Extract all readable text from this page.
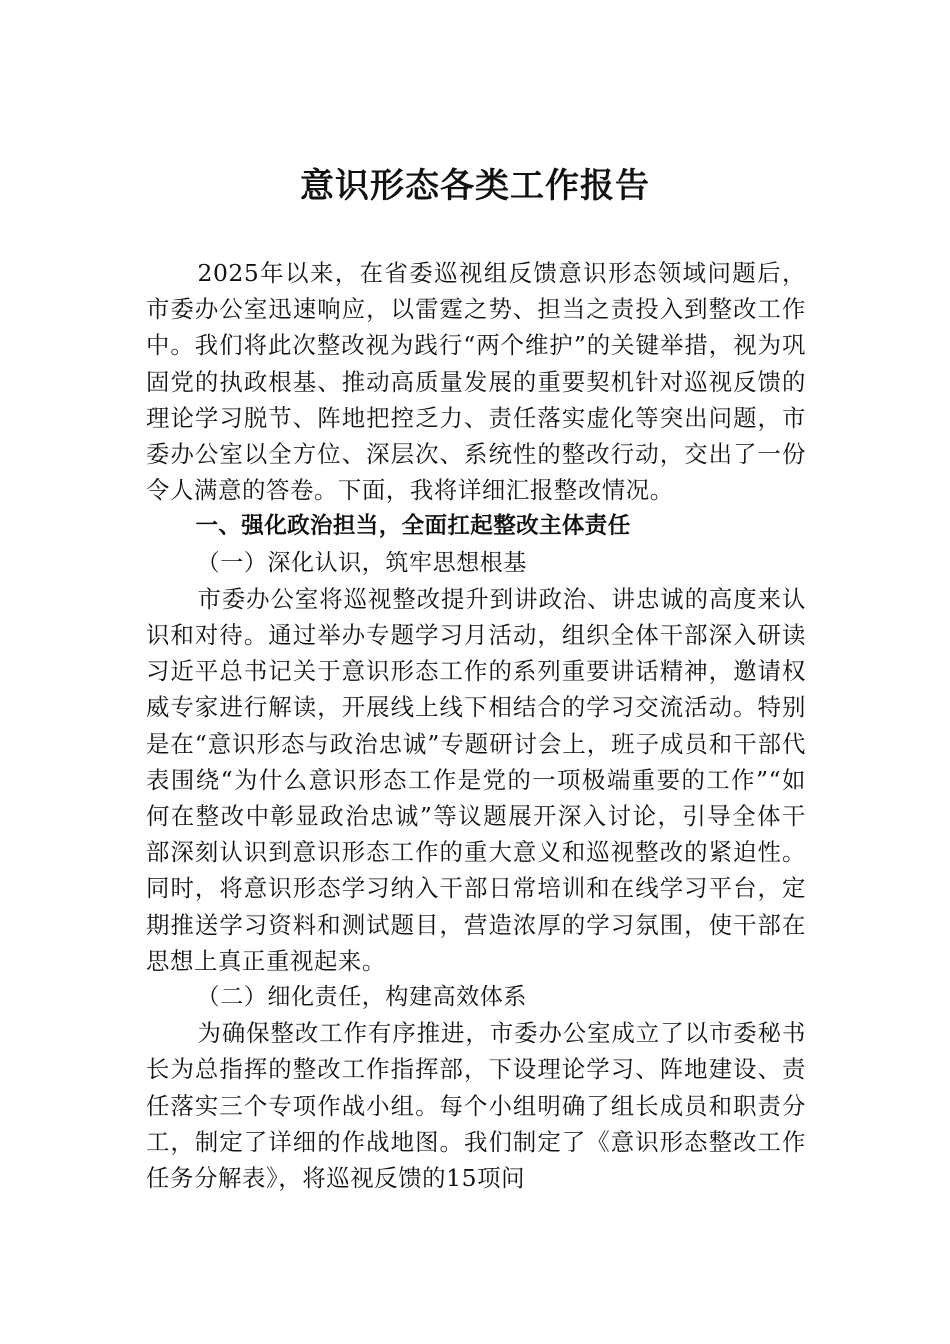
意识形态各类工作报告

2025年以来，在省委巡视组反馈意识形态领域问题后，市委办公室迅速响应，以雷霆之势、担当之责投入到整改工作中。我们将此次整改视为践行“两个维护”的关键举措，视为巩固党的执政根基、推动高质量发展的重要契机针对巡视反馈的理论学习脱节、阵地把控乏力、责任落实虚化等突出问题，市委办公室以全方位、深层次、系统性的整改行动，交出了一份令人满意的答卷。下面，我将详细汇报整改情况。

一、强化政治担当，全面扛起整改主体责任

（一）深化认识，筑牢思想根基

市委办公室将巡视整改提升到讲政治、讲忠诚的高度来认识和对待。通过举办专题学习月活动，组织全体干部深入研读习近平总书记关于意识形态工作的系列重要讲话精神，邀请权威专家进行解读，开展线上线下相结合的学习交流活动。特别是在“意识形态与政治忠诚”专题研讨会上，班子成员和干部代表围绕“为什么意识形态工作是党的一项极端重要的工作”“如何在整改中彰显政治忠诚”等议题展开深入讨论，引导全体干部深刻认识到意识形态工作的重大意义和巡视整改的紧迫性。同时，将意识形态学习纳入干部日常培训和在线学习平台，定期推送学习资料和测试题目，营造浓厚的学习氛围，使干部在思想上真正重视起来。

（二）细化责任，构建高效体系

为确保整改工作有序推进，市委办公室成立了以市委秘书长为总指挥的整改工作指挥部，下设理论学习、阵地建设、责任落实三个专项作战小组。每个小组明确了组长成员和职责分工，制定了详细的作战地图。我们制定了《意识形态整改工作任务分解表》，将巡视反馈的15项问
